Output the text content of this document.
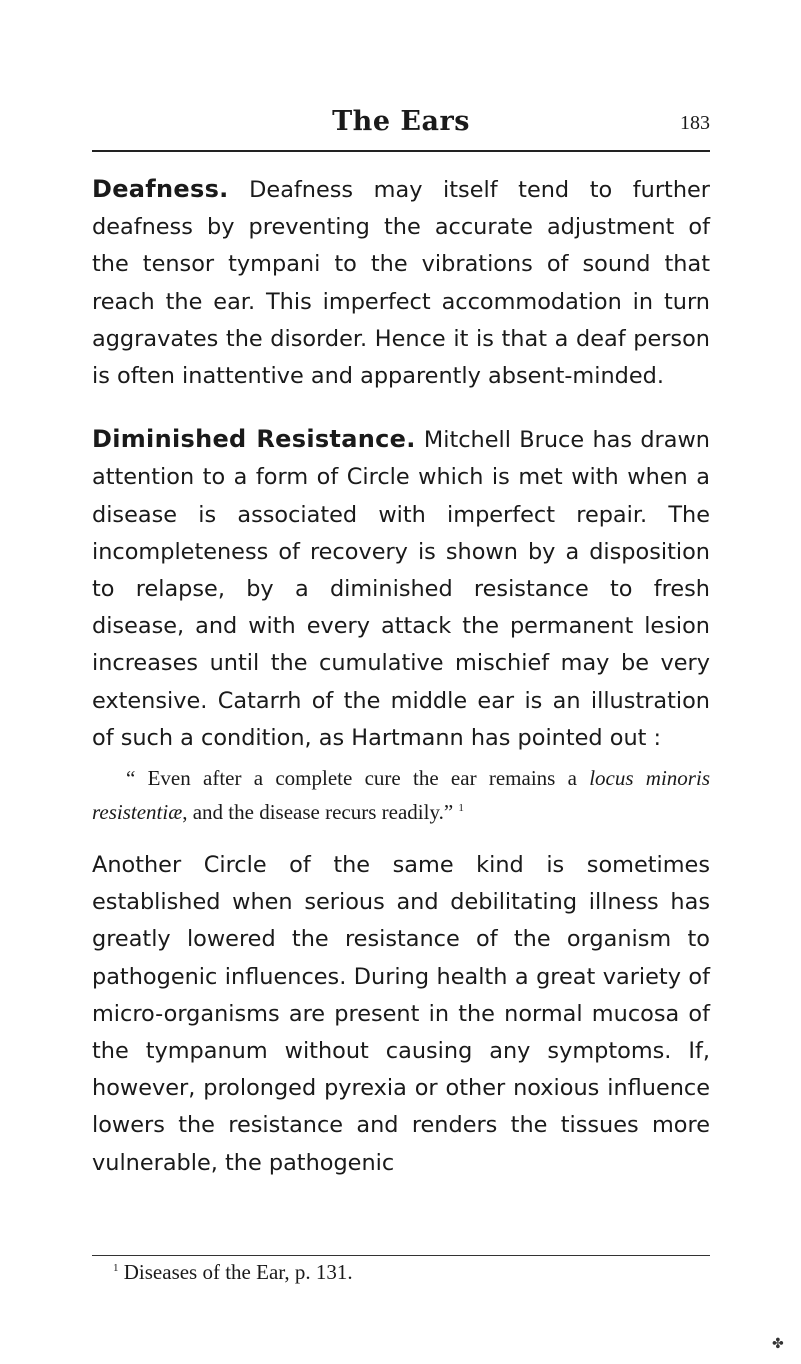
The Ears	183

Deafness. Deafness may itself tend to further deafness by preventing the accurate adjustment of the tensor tympani to the vibrations of sound that reach the ear. This imperfect accommodation in turn aggravates the disorder. Hence it is that a deaf person is often inattentive and apparently absent-minded.

Diminished Resistance. Mitchell Bruce has drawn attention to a form of Circle which is met with when a disease is associated with imperfect repair. The incompleteness of recovery is shown by a disposition to relapse, by a diminished resistance to fresh disease, and with every attack the permanent lesion increases until the cumulative mischief may be very extensive. Catarrh of the middle ear is an illustration of such a condition, as Hartmann has pointed out :

“ Even after a complete cure the ear remains a locus minoris resistentiæ, and the disease recurs readily.” $^1$

Another Circle of the same kind is sometimes established when serious and debilitating illness has greatly lowered the resistance of the organism to pathogenic influences. During health a great variety of micro-organisms are present in the normal mucosa of the tympanum without causing any symptoms. If, however, prolonged pyrexia or other noxious influence lowers the resistance and renders the tissues more vulnerable, the pathogenic

$^1$ Diseases of the Ear, p. 131.
✤
